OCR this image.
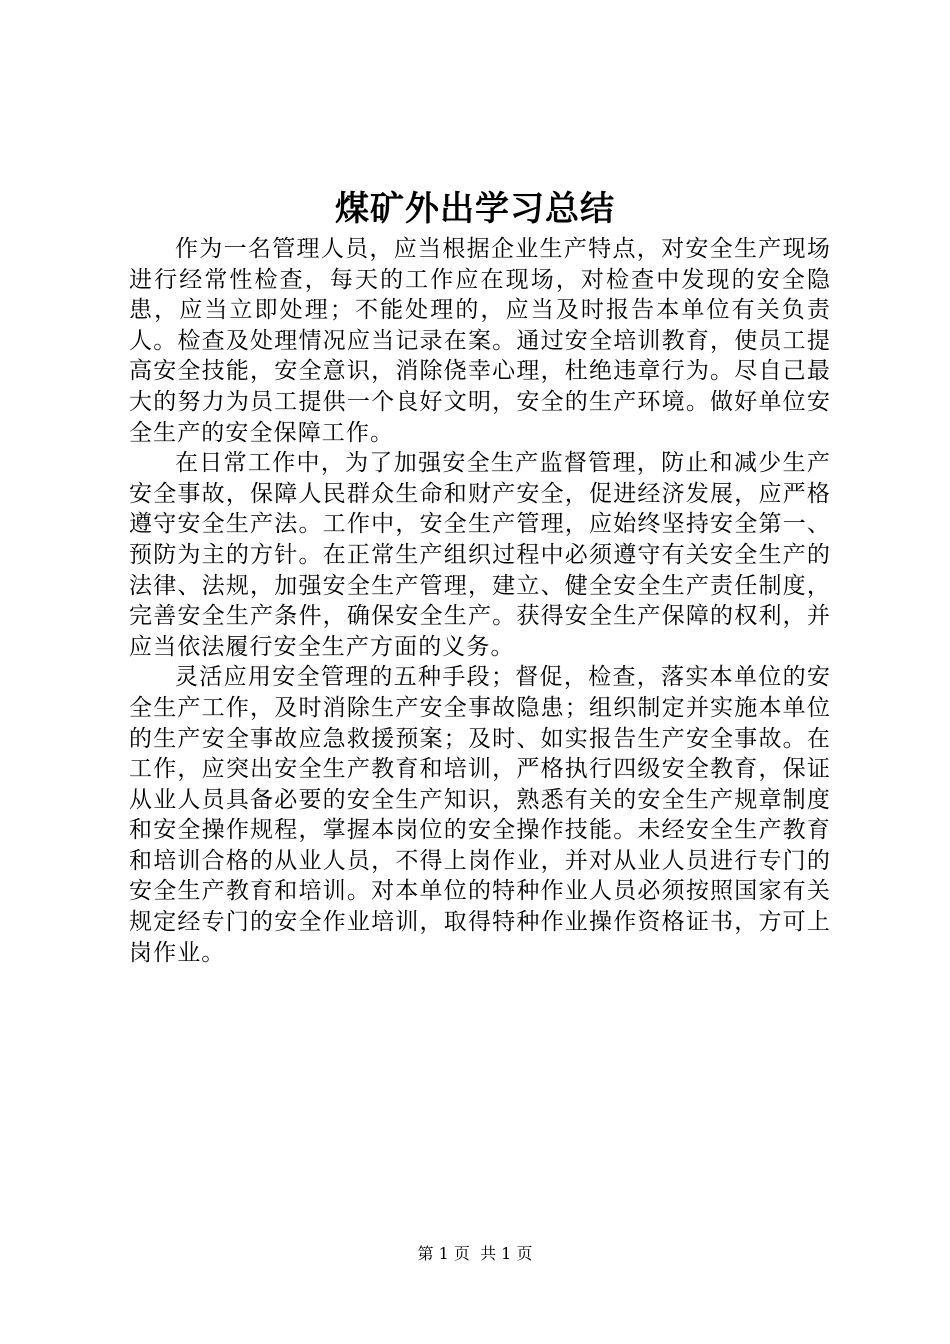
煤矿外出学习总结

作为一名管理人员，应当根据企业生产特点，对安全生产现场进行经常性检查，每天的工作应在现场，对检查中发现的安全隐患，应当立即处理；不能处理的，应当及时报告本单位有关负责人。检查及处理情况应当记录在案。通过安全培训教育，使员工提高安全技能，安全意识，消除侥幸心理，杜绝违章行为。尽自己最大的努力为员工提供一个良好文明，安全的生产环境。做好单位安全生产的安全保障工作。

在日常工作中，为了加强安全生产监督管理，防止和减少生产安全事故，保障人民群众生命和财产安全，促进经济发展，应严格遵守安全生产法。工作中，安全生产管理，应始终坚持安全第一、预防为主的方针。在正常生产组织过程中必须遵守有关安全生产的法律、法规，加强安全生产管理，建立、健全安全生产责任制度，完善安全生产条件，确保安全生产。获得安全生产保障的权利，并应当依法履行安全生产方面的义务。

灵活应用安全管理的五种手段；督促，检查，落实本单位的安全生产工作，及时消除生产安全事故隐患；组织制定并实施本单位的生产安全事故应急救援预案；及时、如实报告生产安全事故。在工作，应突出安全生产教育和培训，严格执行四级安全教育，保证从业人员具备必要的安全生产知识，熟悉有关的安全生产规章制度和安全操作规程，掌握本岗位的安全操作技能。未经安全生产教育和培训合格的从业人员，不得上岗作业，并对从业人员进行专门的安全生产教育和培训。对本单位的特种作业人员必须按照国家有关规定经专门的安全作业培训，取得特种作业操作资格证书，方可上岗作业。

第 1 页  共 1 页
